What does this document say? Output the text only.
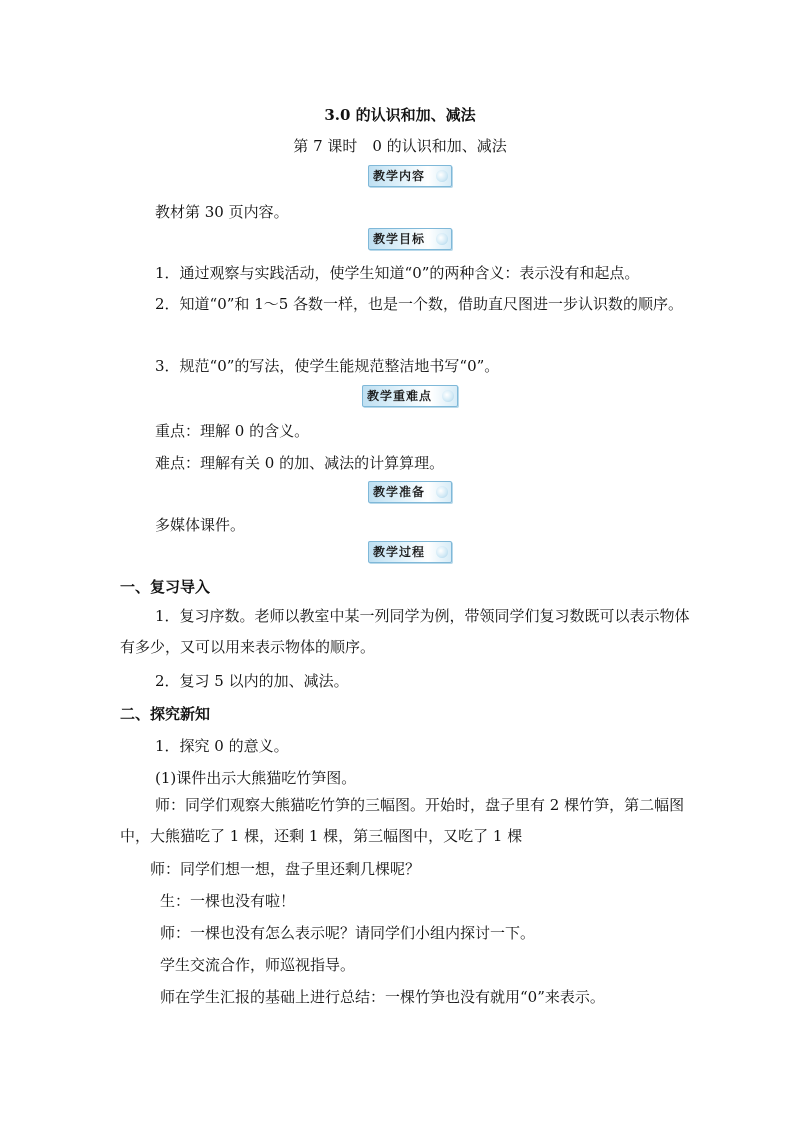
3.0 的认识和加、减法
第 7 课时　0 的认识和加、减法
教学内容
教材第 30 页内容。
教学目标
1．通过观察与实践活动，使学生知道“0”的两种含义：表示没有和起点。
2．知道“0”和 1～5 各数一样，也是一个数，借助直尺图进一步认识数的顺序。
3．规范“0”的写法，使学生能规范整洁地书写“0”。
教学重难点
重点：理解 0 的含义。
难点：理解有关 0 的加、减法的计算算理。
教学准备
多媒体课件。
教学过程
一、复习导入
1．复习序数。老师以教室中某一列同学为例，带领同学们复习数既可以表示物体有多少，又可以用来表示物体的顺序。
2．复习 5 以内的加、减法。
二、探究新知
1．探究 0 的意义。
(1)课件出示大熊猫吃竹笋图。
师：同学们观察大熊猫吃竹笋的三幅图。开始时，盘子里有 2 棵竹笋，第二幅图中，大熊猫吃了 1 棵，还剩 1 棵，第三幅图中，又吃了 1 棵
师：同学们想一想，盘子里还剩几棵呢？
生：一棵也没有啦！
师：一棵也没有怎么表示呢？请同学们小组内探讨一下。
学生交流合作，师巡视指导。
师在学生汇报的基础上进行总结：一棵竹笋也没有就用“0”来表示。
